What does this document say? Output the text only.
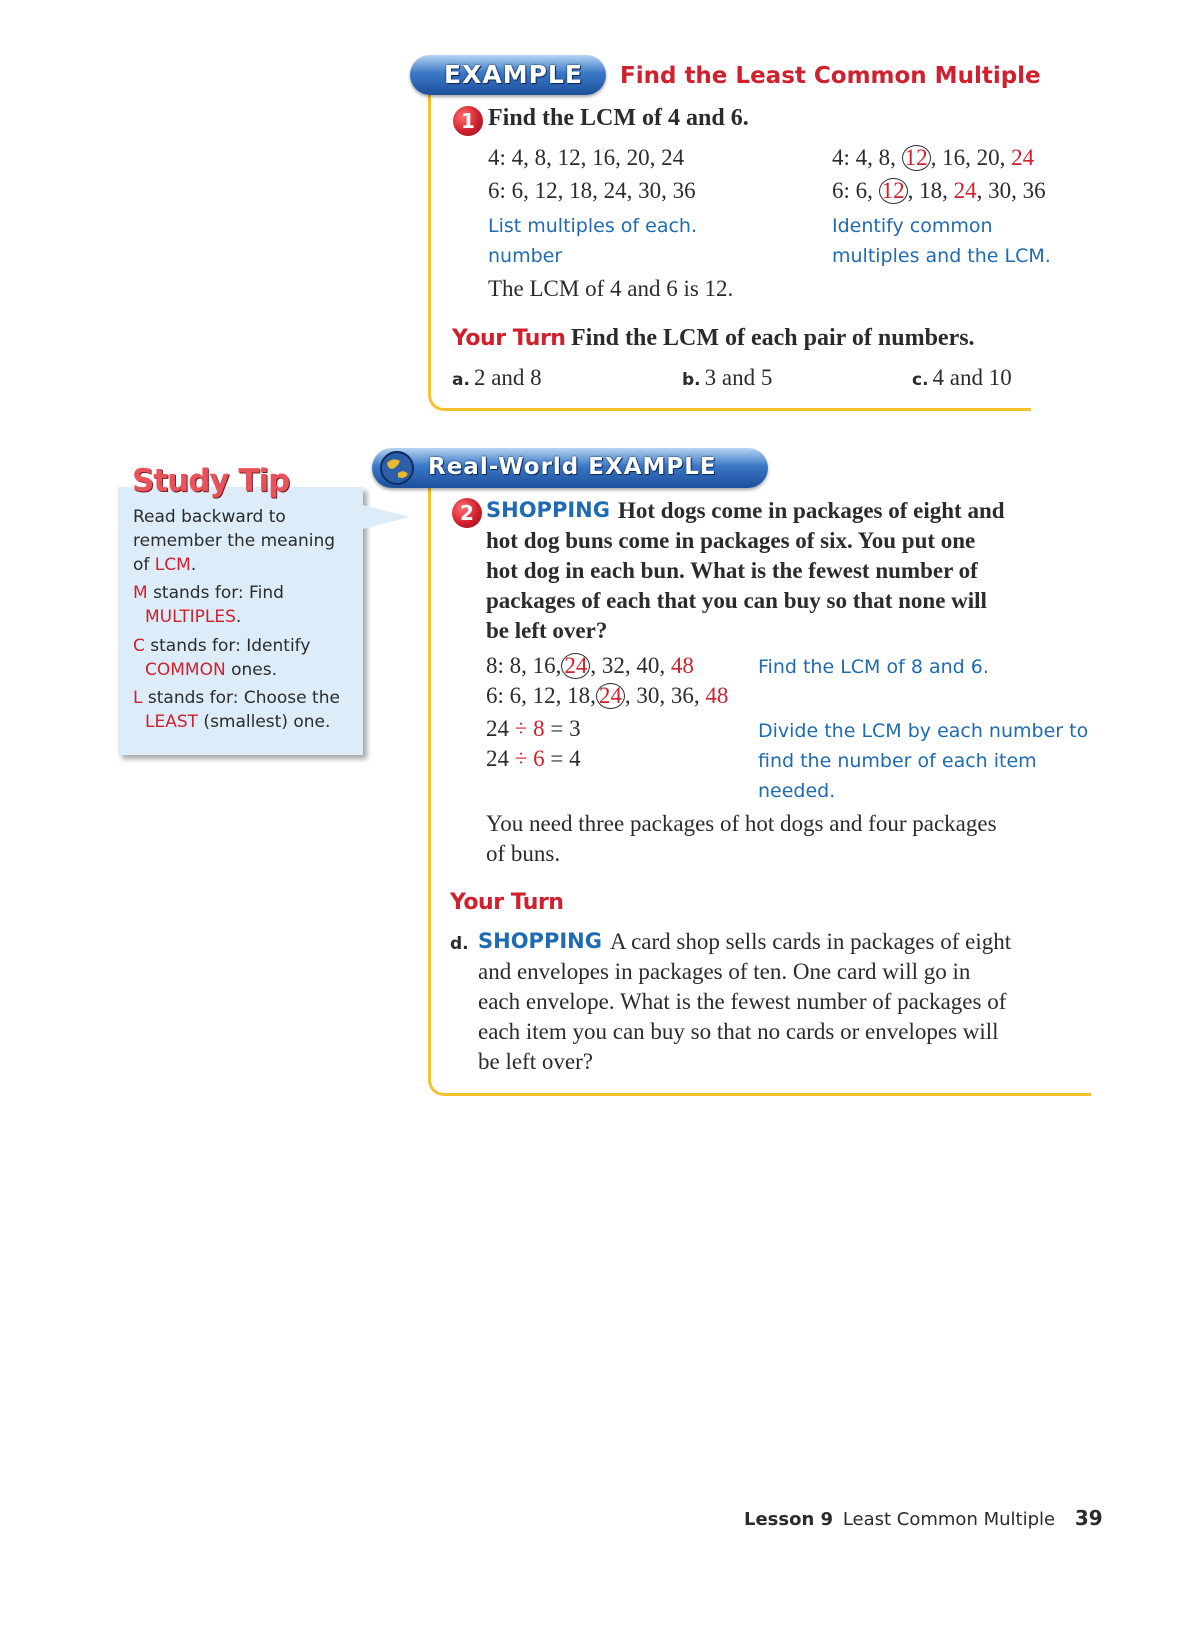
EXAMPLE Find the Least Common Multiple
1 Find the LCM of 4 and 6.
4: 4, 8, 12, 16, 20, 24
6: 6, 12, 18, 24, 30, 36
List multiples of each.
number
4: 4, 8, 12 , 16, 20, 24
6: 6, 12 , 18, 24, 30, 36
Identify common
multiples and the LCM.
The LCM of 4 and 6 is 12.
Your Turn Find the LCM of each pair of numbers.
a. 2 and 8	b. 3 and 5	c. 4 and 10
Study Tip
Read backward to
remember the meaning
of LCM.
M stands for: Find
MULTIPLES.
C stands for: Identify
COMMON ones.
L stands for: Choose the
LEAST (smallest) one.
Real-World EXAMPLE
2 SHOPPING Hot dogs come in packages of eight and
hot dog buns come in packages of six. You put one
hot dog in each bun. What is the fewest number of
packages of each that you can buy so that none will
be left over?
8: 8, 16, 24 , 32, 40, 48
6: 6, 12, 18, 24 , 30, 36, 48
Find the LCM of 8 and 6.
24 ÷ 8 = 3
24 ÷ 6 = 4
Divide the LCM by each number to
find the number of each item
needed.
You need three packages of hot dogs and four packages
of buns.
Your Turn
d. SHOPPING A card shop sells cards in packages of eight
and envelopes in packages of ten. One card will go in
each envelope. What is the fewest number of packages of
each item you can buy so that no cards or envelopes will
be left over?
Lesson 9 Least Common Multiple 39
